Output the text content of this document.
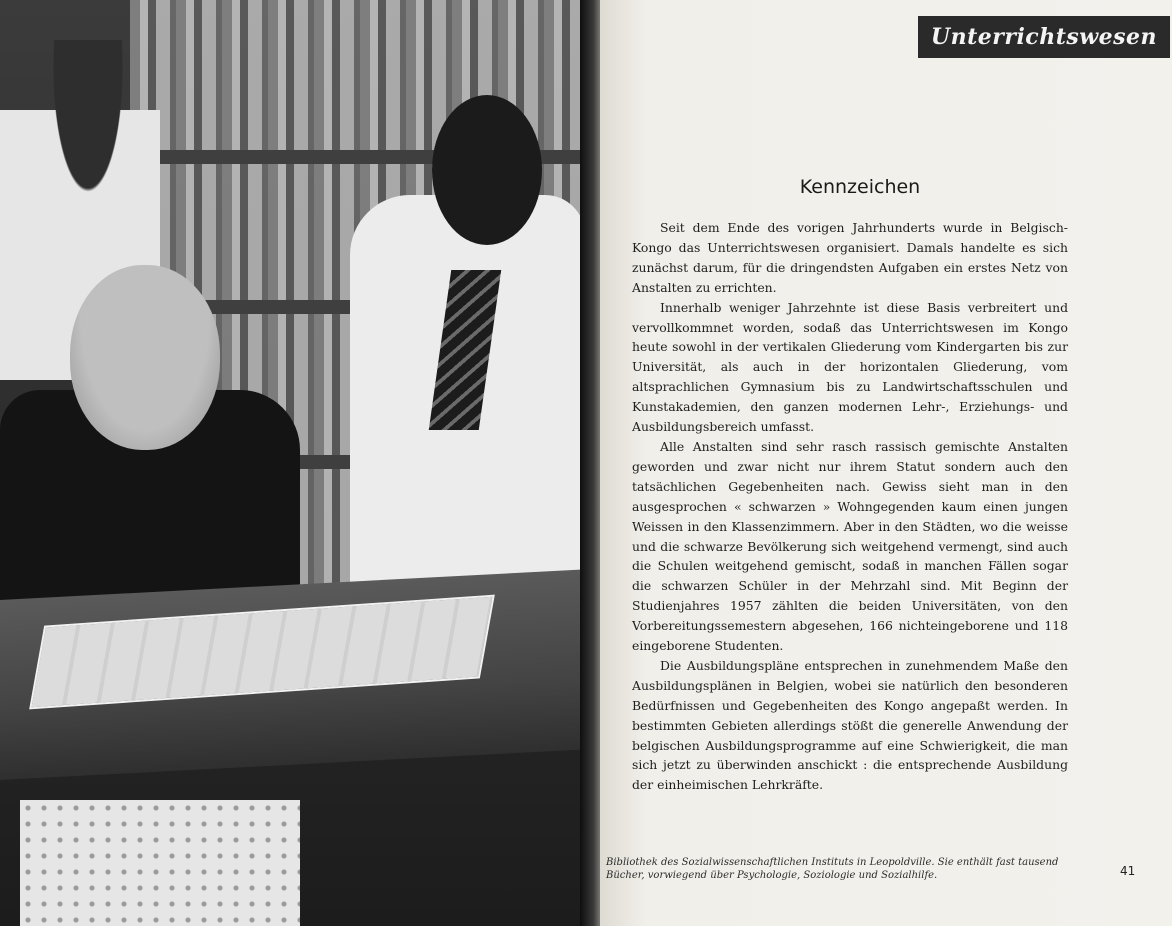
Unterrichtswesen
Kennzeichen

Seit dem Ende des vorigen Jahrhunderts wurde in Belgisch-Kongo das Unterrichtswesen organisiert. Damals handelte es sich zunächst darum, für die dringendsten Aufgaben ein erstes Netz von Anstalten zu errichten.

Innerhalb weniger Jahrzehnte ist diese Basis verbreitert und vervollkommnet worden, sodaß das Unterrichtswesen im Kongo heute sowohl in der vertikalen Gliederung vom Kindergarten bis zur Universität, als auch in der horizontalen Gliederung, vom altsprachlichen Gymnasium bis zu Landwirtschaftsschulen und Kunstakademien, den ganzen modernen Lehr-, Erziehungs- und Ausbildungsbereich umfasst.

Alle Anstalten sind sehr rasch rassisch gemischte Anstalten geworden und zwar nicht nur ihrem Statut sondern auch den tatsächlichen Gegebenheiten nach. Gewiss sieht man in den ausgesprochen « schwarzen » Wohngegenden kaum einen jungen Weissen in den Klassenzimmern. Aber in den Städten, wo die weisse und die schwarze Bevölkerung sich weitgehend vermengt, sind auch die Schulen weitgehend gemischt, sodaß in manchen Fällen sogar die schwarzen Schüler in der Mehrzahl sind. Mit Beginn der Studienjahres 1957 zählten die beiden Universitäten, von den Vorbereitungssemestern abgesehen, 166 nichteingeborene und 118 eingeborene Studenten.

Die Ausbildungspläne entsprechen in zunehmendem Maße den Ausbildungsplänen in Belgien, wobei sie natürlich den besonderen Bedürfnissen und Gegebenheiten des Kongo angepaßt werden. In bestimmten Gebieten allerdings stößt die generelle Anwendung der belgischen Ausbildungsprogramme auf eine Schwierigkeit, die man sich jetzt zu überwinden anschickt : die entsprechende Ausbildung der einheimischen Lehrkräfte.

Bibliothek des Sozialwissenschaftlichen Instituts in Leopoldville. Sie enthält fast tausend Bücher, vorwiegend über Psychologie, Soziologie und Sozialhilfe.	41
